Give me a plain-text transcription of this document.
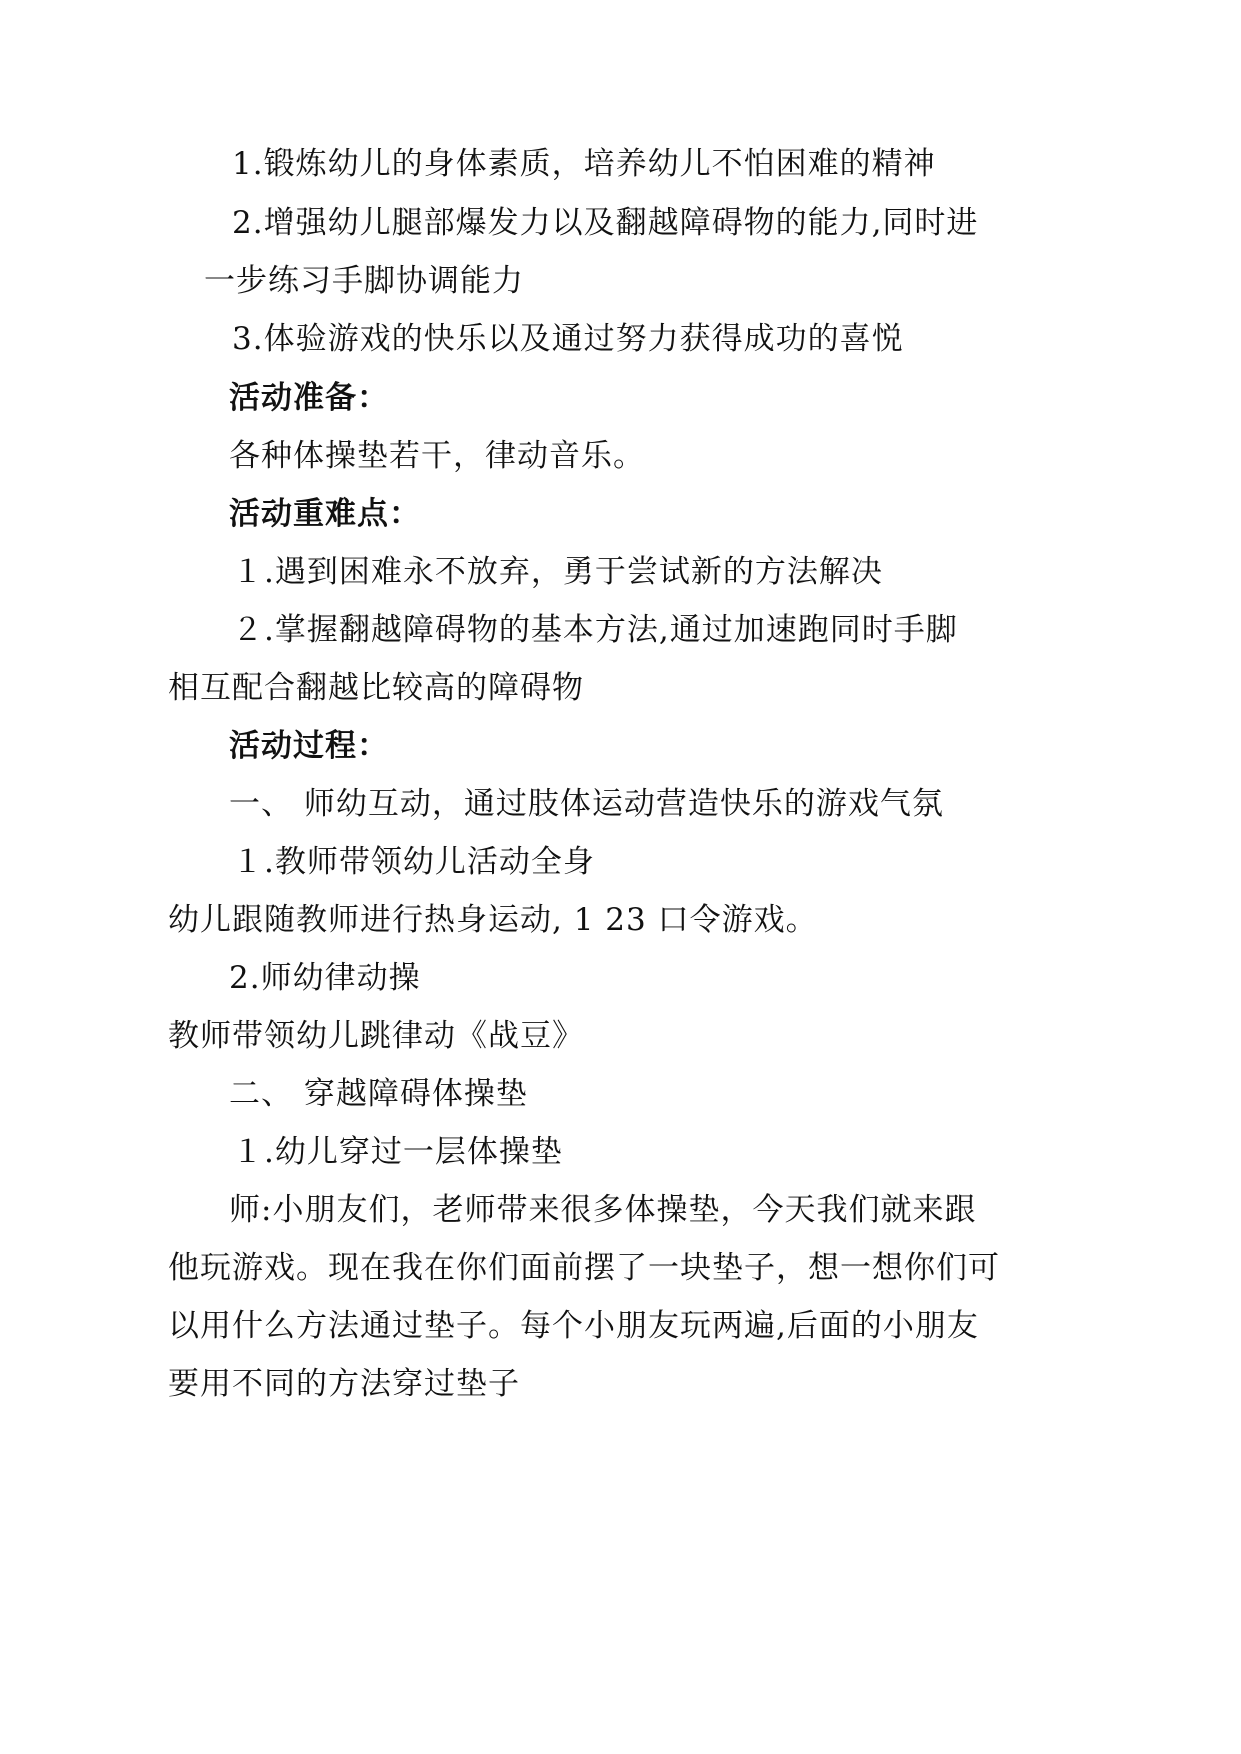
1.锻炼幼儿的身体素质，培养幼儿不怕困难的精神
2.增强幼儿腿部爆发力以及翻越障碍物的能力,同时进
一步练习手脚协调能力
3.体验游戏的快乐以及通过努力获得成功的喜悦
活动准备：
各种体操垫若干，律动音乐。
活动重难点：
１.遇到困难永不放弃，勇于尝试新的方法解决
２.掌握翻越障碍物的基本方法,通过加速跑同时手脚
相互配合翻越比较高的障碍物
活动过程：
一、 师幼互动，通过肢体运动营造快乐的游戏气氛
１.教师带领幼儿活动全身
幼儿跟随教师进行热身运动, 1 23 口令游戏。
2.师幼律动操
教师带领幼儿跳律动《战豆》
二、 穿越障碍体操垫
１.幼儿穿过一层体操垫
师:小朋友们，老师带来很多体操垫，今天我们就来跟
他玩游戏。现在我在你们面前摆了一块垫子，想一想你们可
以用什么方法通过垫子。每个小朋友玩两遍,后面的小朋友
要用不同的方法穿过垫子
